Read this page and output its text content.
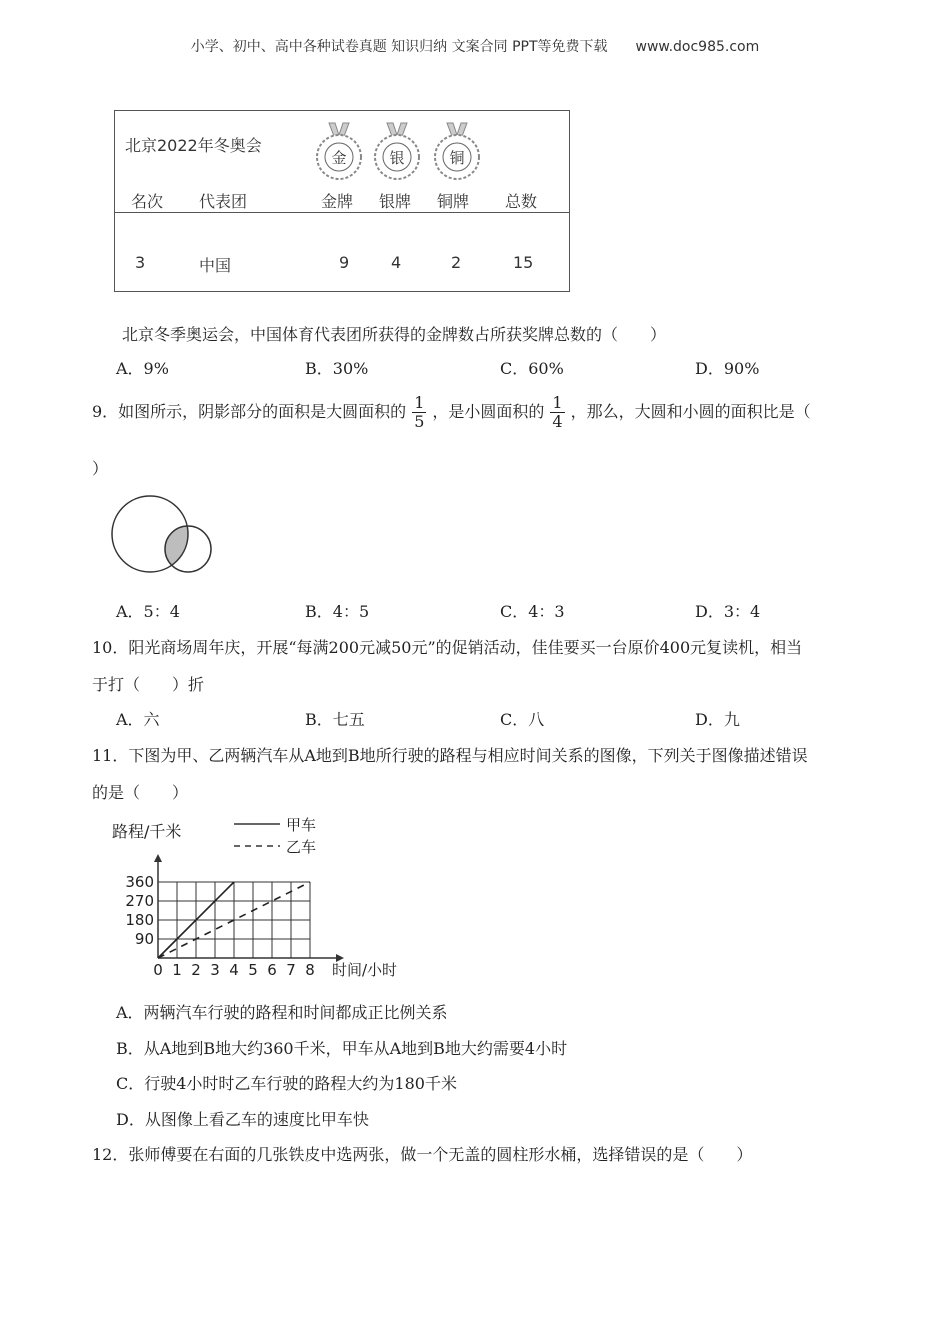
小学、初中、高中各种试卷真题 知识归纳 文案合同 PPT等免费下载 www.doc985.com
北京2022年冬奥会
金	银	铜
名次 代表团	金牌 银牌 铜牌 总数
3	中国	9	4	2	15
北京冬季奥运会，中国体育代表团所获得的金牌数占所获奖牌总数的（　　）
A．9%	B．30%	C．60%	D．90%
9．如图所示，阴影部分的面积是大圆面积的 $\frac{1}{5}$ ，是小圆面积的 $\frac{1}{4}$ ，那么，大圆和小圆的面积比是（
）
A．5：4	B．4：5	C．4：3	D．3：4
10．阳光商场周年庆，开展“每满200元减50元”的促销活动，佳佳要买一台原价400元复读机，相当
于打（　　）折
A．六	B．七五	C．八	D．九
11．下图为甲、乙两辆汽车从A地到B地所行驶的路程与相应时间关系的图像，下列关于图像描述错误
的是（　　）
路程/千米	甲车
乙车
0 1 2 3 4 5 6 7 8
90
180
270
360
时间/小时
A．两辆汽车行驶的路程和时间都成正比例关系
B．从A地到B地大约360千米，甲车从A地到B地大约需要4小时
C．行驶4小时时乙车行驶的路程大约为180千米
D．从图像上看乙车的速度比甲车快
12．张师傅要在右面的几张铁皮中选两张，做一个无盖的圆柱形水桶，选择错误的是（　　）
